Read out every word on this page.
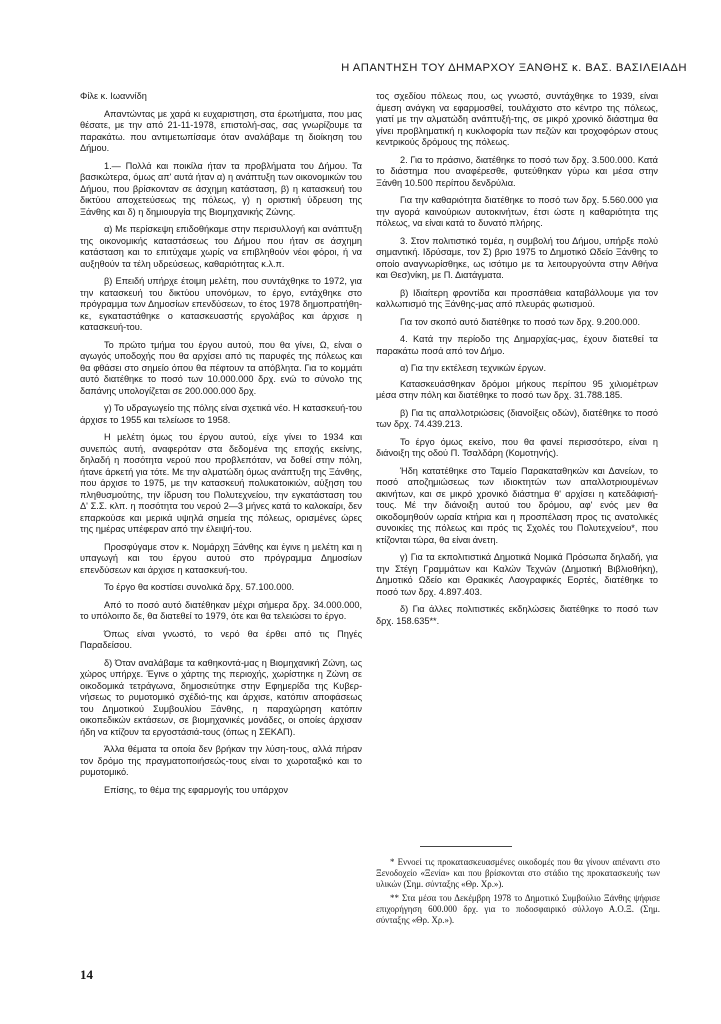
Η ΑΠΑΝΤΗΣΗ ΤΟΥ ΔΗΜΑΡΧΟΥ ΞΑΝΘΗΣ κ. ΒΑΣ. ΒΑΣΙΛΕΙΑΔΗ

Φίλε κ. Ιωαννίδη

Απαντώντας με χαρά κι ευχαριστηση, στα έρωτήματα, που μας θέσατε, με την από 21-11-1978, επιστολή-σας, σας γνωρίζουμε τα παρακάτω. που αντιμετωπίσαμε όταν αναλάβαμε τη διοίκηση του Δήμου.

1.— Πολλά και ποικίλα ήταν τα προβλήματα του Δήμου. Τα βασικώτερα, όμως απ' αυτά ήταν α) η ανάπτυξη των οικονομικών του Δήμου, που βρίσκονταν σε άσχημη κατάσταση, β) η κατασκευή του δικτύου αποχετεύσεως της πόλεως, γ) η οριστική ύδρευση της Ξάνθης και δ) η δημιουργία της Βιομηχανικής Ζώνης.

α) Με περίσκεψη επιδοθήκαμε στην περισυλλογή και ανάπτυξη της οικονομικής καταστάσεως του Δήμου που ήταν σε άσχημη κατάσταση και το επιτύχαμε χωρίς να επιβληθούν νέοι φόροι, ή να αυξηθούν τα τέλη υδρεύσεως, καθαριότητας κ.λ.π.

β) Επειδή υπήρχε έτοιμη μελέτη, που συντάχθηκε το 1972, για την κατασκευή του δικτύου υπονόμων, το έργο, εντάχθηκε στο πρόγραμμα των Δημοσίων επενδύσεων, το έτος 1978 δημοπρατήθηκε, εγκαταστάθηκε ο κατασκευαστής εργολάβος και άρχισε η κατασκευή-του.

Το πρώτο τμήμα του έργου αυτού, που θα γίνει, Ω, είναι ο αγωγός υποδοχής που θα αρχίσει από τις παρυφές της πόλεως και θα φθάσει στο σημείο όπου θα πέφτουν τα απόβλητα. Για το κομμάτι αυτό διατέθηκε το ποσό των 10.000.000 δρχ. ενώ το σύνολο της δαπάνης υπολογίζεται σε 200.000.000 δρχ.

γ) Το υδραγωγείο της πόλης είναι σχετικά νέο. Η κατασκευή-του άρχισε το 1955 και τελείωσε το 1958.

Η μελέτη όμως του έργου αυτού, είχε γίνει το 1934 και συνεπώς αυτή, αναφερόταν στα δεδομένα της εποχής εκείνης, δηλαδή η ποσότητα νερού που προβλεπόταν, να δοθεί στην πόλη, ήτανε άρκετή για τότε. Με την αλματώδη όμως ανάπτυξη της Ξάνθης, που άρχισε το 1975, με την κατασκευή πολυκατοικιών, αύξηση του πληθυσμούτης, την ίδρυση του Πολυτεχνείου, την εγκατάσταση του Δ' Σ.Σ. κλπ. η ποσότητα του νερού 2—3 μήνες κατά το καλοκαίρι, δεν επαρκούσε και μερικά υψηλά σημεία της πόλεως, ορισμένες ώρες της ημέρας υπέφεραν από την έλειψή-του.

Προσφύγαμε στον κ. Νομάρχη Ξάνθης και έγινε η μελέτη και η υπαγωγή και του έργου αυτού στο πρόγραμμα Δημοσίων επενδύσεων και άρχισε η κατασκευή-του.

Το έργο θα κοστίσει συνολικά δρχ. 57.100.000.

Από το ποσό αυτό διατέθηκαν μέχρι σήμερα δρχ. 34.000.000, το υπόλοιπο δε, θα διατεθεί το 1979, ότε και θα τελειώσει το έργο.

Όπως είναι γνωστό, το νερό θα έρθει από τις Πηγές Παραδείσου.

δ) Όταν αναλάβαμε τα καθηκοντά-μας η Βιομηχανική Ζώνη, ως χώρος υπήρχε. Έγινε ο χάρτης της περιοχής, χωρίστηκε η Ζώνη σε οικοδομικά τετράγωνα, δημοσιεύτηκε στην Εφημερίδα της Κυβερνήσεως το ρυμοτομικό σχέδιό-της και άρχισε, κατόπιν αποφάσεως του Δημοτικού Συμβουλίου Ξάνθης, η παραχώρηση κατόπιν οικοπεδικών εκτάσεων, σε βιομηχανικές μονάδες, οι οποίες άρχισαν ήδη να κτίζουν τα εργοστάσιά-τους (όπως η ΣΕΚΑΠ).

Άλλα θέματα τα οποία δεν βρήκαν την λύση-τους, αλλά πήραν τον δρόμο της πραγματοποιήσεώς-τους είναι το χωροταξικό και το ρυμοτομικό.

Επίσης, το θέμα της εφαρμογής του υπάρχον

τος σχεδίου πόλεως που, ως γνωστό, συντάχθηκε το 1939, είναι άμεση ανάγκη να εφαρμοσθεί, τουλάχιστο στο κέντρο της πόλεως, γιατί με την αλματώδη ανάπτυξή-της, σε μικρό χρονικό διάστημα θα γίνει προβληματική η κυκλοφορία των πεζών και τροχοφόρων στους κεντρικούς δρόμους της πόλεως.

2. Για το πράσινο, διατέθηκε το ποσό των δρχ. 3.500.000. Κατά το διάστημα που αναφέρεσθε, φυτεύθηκαν γύρω και μέσα στην Ξάνθη 10.500 περίπου δενδρύλια.

Για την καθαριότητα διατέθηκε το ποσό των δρχ. 5.560.000 για την αγορά καινούριων αυτοκινήτων, έτσι ώστε η καθαριότητα της πόλεως, να είναι κατά το δυνατό πλήρης.

3. Στον πολιτιστικό τομέα, η συμβολή του Δήμου, υπήρξε πολύ σημαντική. Ιδρύσαμε, τον Σ) βριο 1975 το Δημοτικό Ωδείο Ξάνθης το οποίο αναγνωρίσθηκε, ως ισότιμο με τα λειτουργούντα στην Αθήνα και Θεσ)νίκη, με Π. Διατάγματα.

β) Ιδιαίτερη φροντίδα και προσπάθεια καταβάλλουμε για τον καλλωπισμό της Ξάνθης-μας από πλευράς φωτισμού.

Για τον σκοπό αυτό διατέθηκε το ποσό των δρχ. 9.200.000.

4. Κατά την περίοδο της Δημαρχίας-μας, έχουν διατεθεί τα παρακάτω ποσά από τον Δήμο.

α) Για την εκτέλεση τεχνικών έργων.

Κατασκευάσθηκαν δρόμοι μήκους περίπου 95 χιλιομέτρων μέσα στην πόλη και διατέθηκε το ποσό των δρχ. 31.788.185.

β) Για τις απαλλοτριώσεις (διανοίξεις οδών), διατέθηκε το ποσό των δρχ. 74.439.213.

Το έργο όμως εκείνο, που θα φανεί περισσότερο, είναι η διάνοιξη της οδού Π. Τσαλδάρη (Κομοτηνής).

Ήδη κατατέθηκε στο Ταμείο Παρακαταθηκών και Δανείων, το ποσό αποζημιώσεως των ιδιοκτητών των απαλλοτριουμένων ακινήτων, και σε μικρό χρονικό διάστημα θ' αρχίσει η κατεδάφισή-τους. Μέ την διάνοιξη αυτού του δρόμου, αφ' ενός μεν θα οικοδομηθούν ωραία κτήρια και η προσπέλαση προς τις ανατολικές συνοικίες της πόλεως και πρός τις Σχολές του Πολυτεχνείου*, που κτίζονται τώρα, θα είναι άνετη.

γ) Για τα εκπολιτιστικά Δημοτικά Νομικά Πρόσωπα δηλαδή, για την Στέγη Γραμμάτων και Καλών Τεχνών (Δημοτική Βιβλιοθήκη), Δημοτικό Ωδείο και Θρακικές Λαογραφικές Εορτές, διατέθηκε το ποσό των δρχ. 4.897.403.

δ) Για άλλες πολιτιστικές εκδηλώσεις διατέθηκε το ποσό των δρχ. 158.635**.

* Εννοεί τις προκατασκευασμένες οικοδομές που θα γίνουν απέναντι στο Ξενοδοχείο «Ξενία» και που βρίσκονται στο στάδιο της προκατασκευής των υλικών (Σημ. σύνταξης «Θρ. Χρ.»).

** Στα μέσα του Δεκέμβρη 1978 το Δημοτικό Συμβούλιο Ξάνθης ψήφισε επιχορήγηση 600.000 δρχ. για το ποδοσφαιρικό σύλλογο Α.Ο.Ξ. (Σημ. σύνταξης «Θρ. Χρ.»).

14
